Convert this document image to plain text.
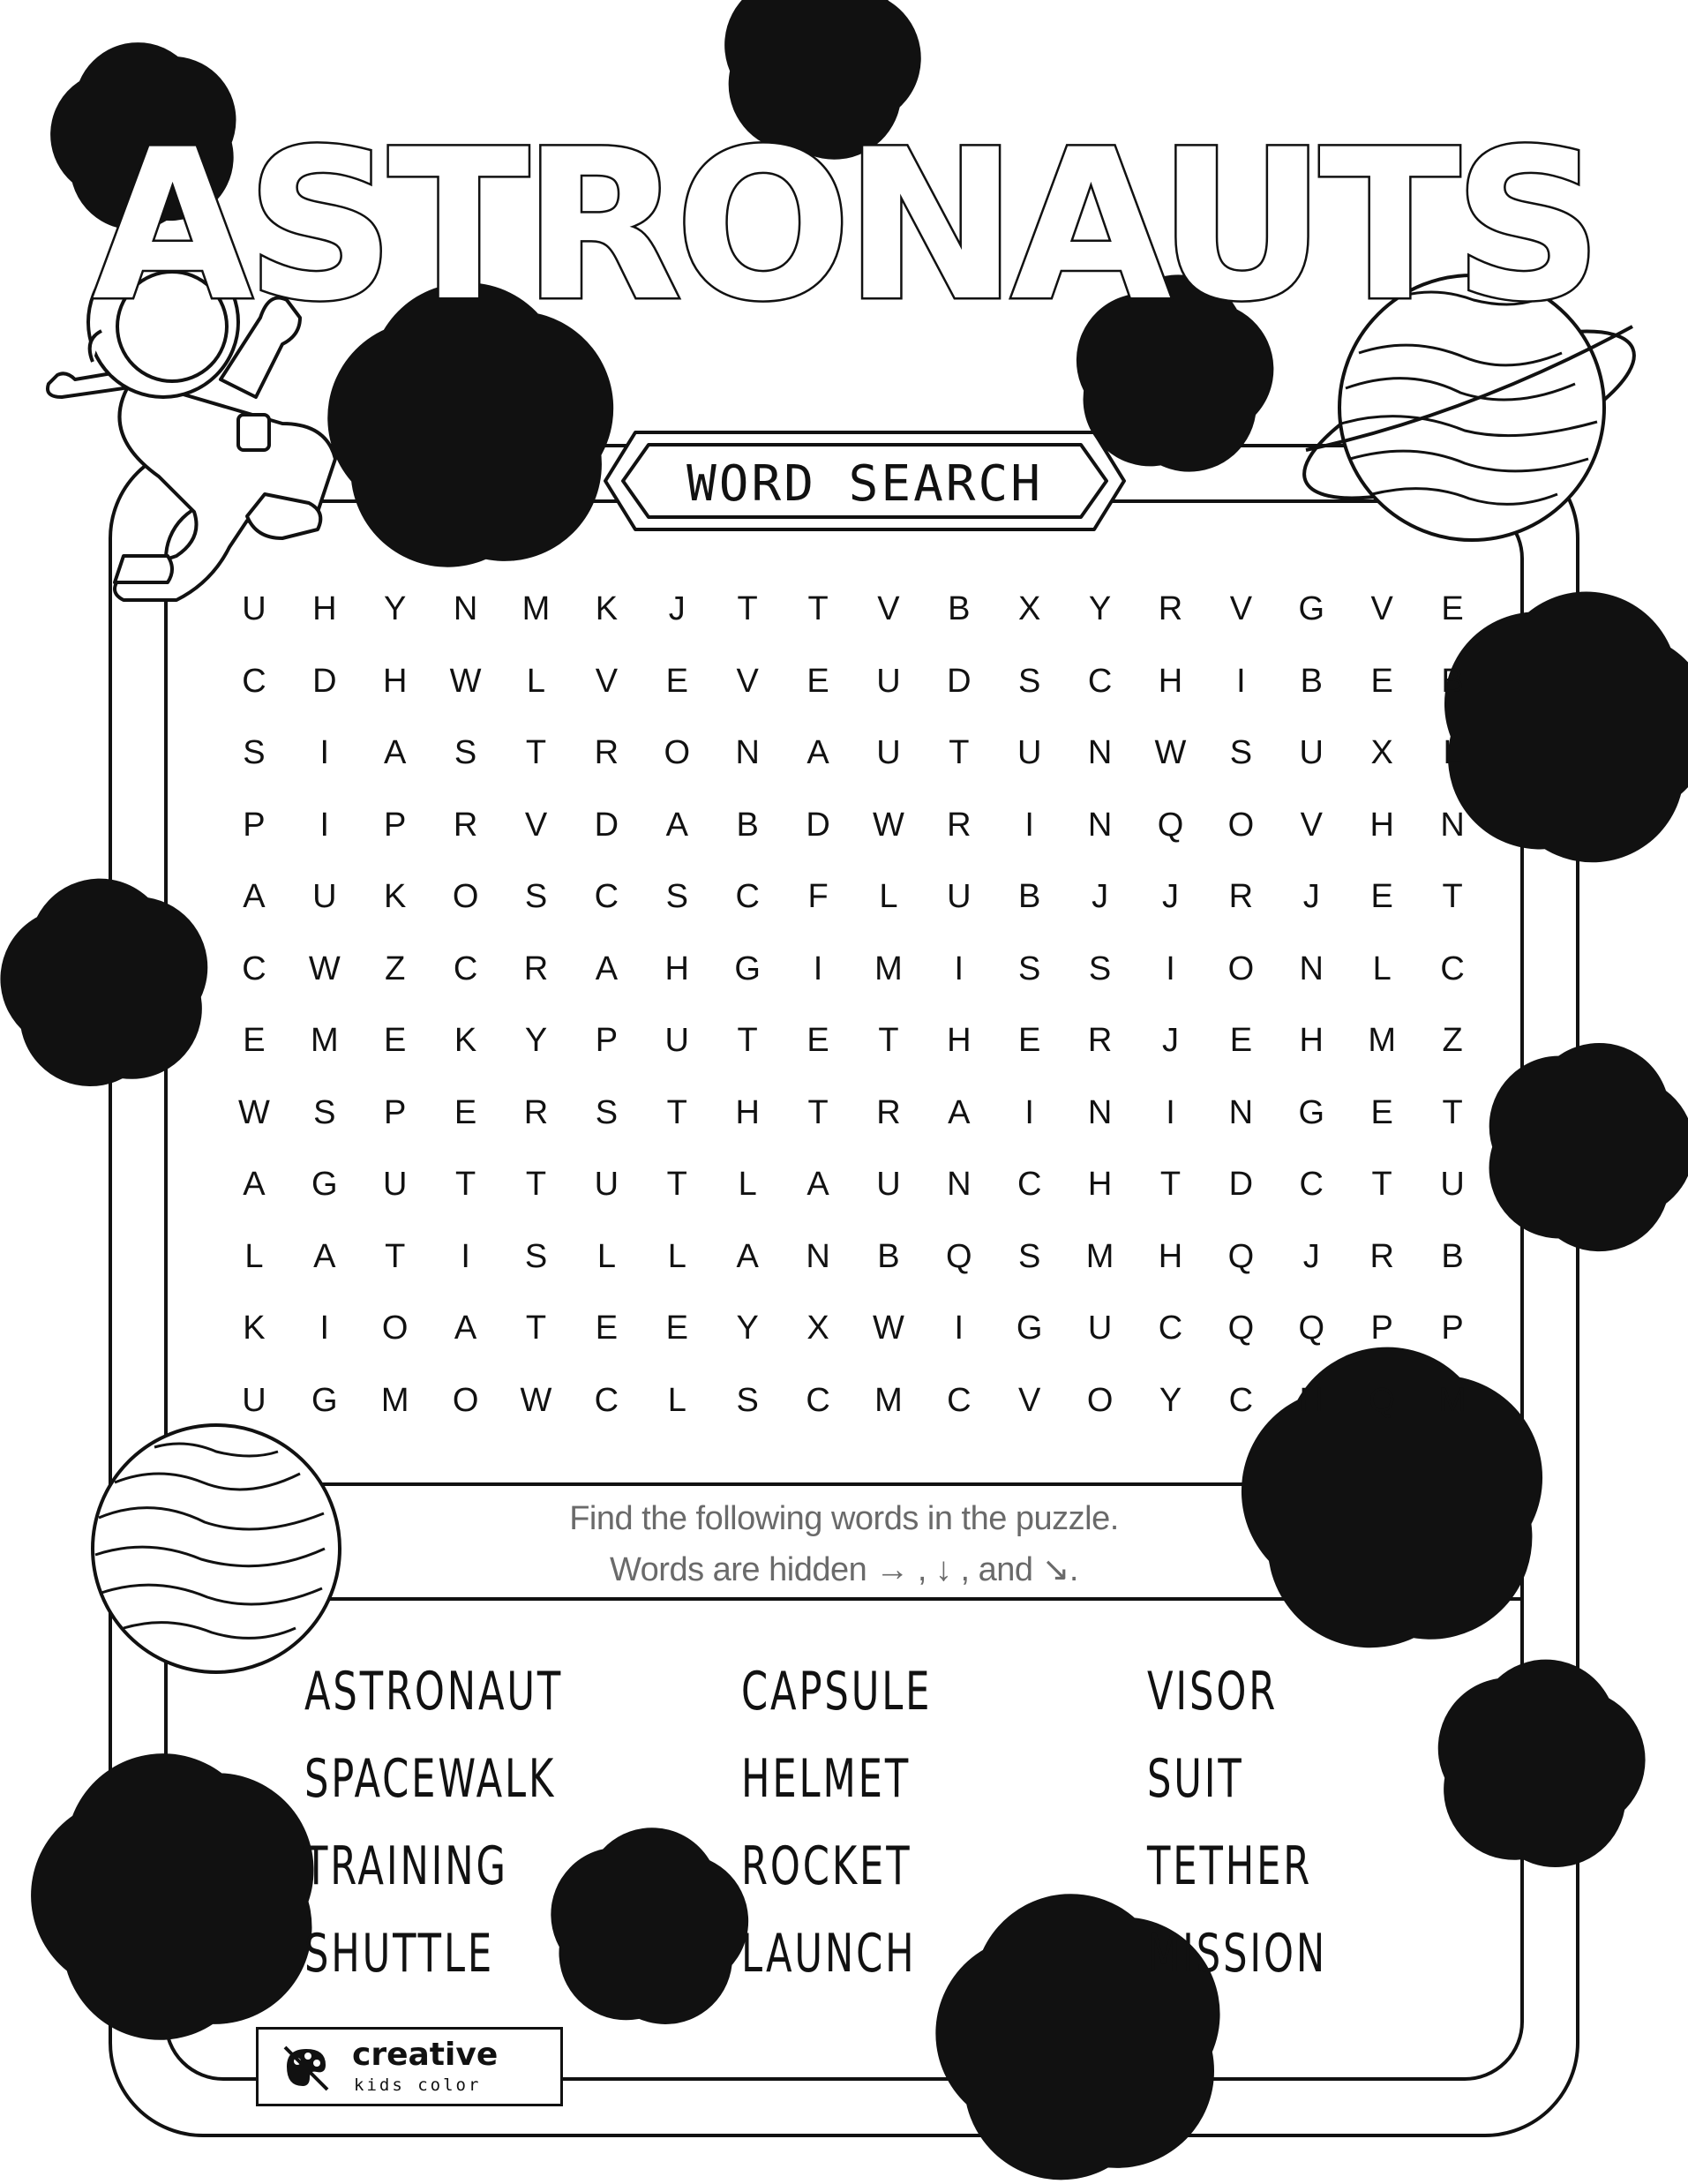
ASTRONAUTS
WORD SEARCH
U	H	Y	N	M	K	J	T	T	V	B	X	Y	R	V	G	V	E
C	D	H	W	L	V	E	V	E	U	D	S	C	H	I	B	E	B
S	I	A	S	T	R	O	N	A	U	T	U	N	W	S	U	X	L
P	I	P	R	V	D	A	B	D	W	R	I	N	Q	O	V	H	N
A	U	K	O	S	C	S	C	F	L	U	B	J	J	R	J	E	T
C	W	Z	C	R	A	H	G	I	M	I	S	S	I	O	N	L	C
E	M	E	K	Y	P	U	T	E	T	H	E	R	J	E	H	M	Z
W	S	P	E	R	S	T	H	T	R	A	I	N	I	N	G	E	T
A	G	U	T	T	U	T	L	A	U	N	C	H	T	D	C	T	U
L	A	T	I	S	L	L	A	N	B	Q	S	M	H	Q	J	R	B
K	I	O	A	T	E	E	Y	X	W	I	G	U	C	Q	Q	P	P
U	G	M	O	W	C	L	S	C	M	C	V	O	Y	C	H	Q	M
Find the following words in the puzzle.
Words are hidden → , ↓ , and ↘.
ASTRONAUT
SPACEWALK
TRAINING
SHUTTLE
CAPSULE
HELMET
ROCKET
LAUNCH
VISOR
SUIT
TETHER
MISSION
creative
kids color
